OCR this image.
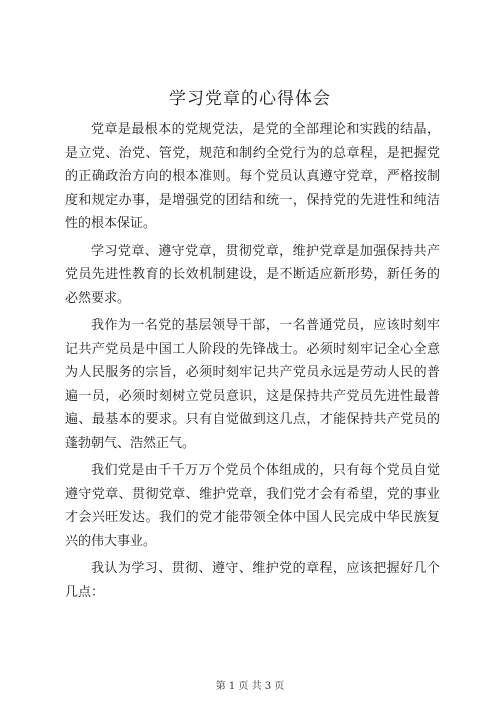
学习党章的心得体会

党章是最根本的党规党法，是党的全部理论和实践的结晶，是立党、治党、管党，规范和制约全党行为的总章程，是把握党的正确政治方向的根本准则。每个党员认真遵守党章，严格按制度和规定办事，是增强党的团结和统一，保持党的先进性和纯洁性的根本保证。

学习党章、遵守党章，贯彻党章，维护党章是加强保持共产党员先进性教育的长效机制建设，是不断适应新形势，新任务的必然要求。

我作为一名党的基层领导干部，一名普通党员，应该时刻牢记共产党员是中国工人阶段的先锋战士。必须时刻牢记全心全意为人民服务的宗旨，必须时刻牢记共产党员永远是劳动人民的普遍一员，必须时刻树立党员意识，这是保持共产党员先进性最普遍、最基本的要求。只有自觉做到这几点，才能保持共产党员的蓬勃朝气、浩然正气。

我们党是由千千万万个党员个体组成的，只有每个党员自觉遵守党章、贯彻党章、维护党章，我们党才会有希望，党的事业才会兴旺发达。我们的党才能带领全体中国人民完成中华民族复兴的伟大事业。

我认为学习、贯彻、遵守、维护党的章程，应该把握好几个几点：

第 1 页 共 3 页
